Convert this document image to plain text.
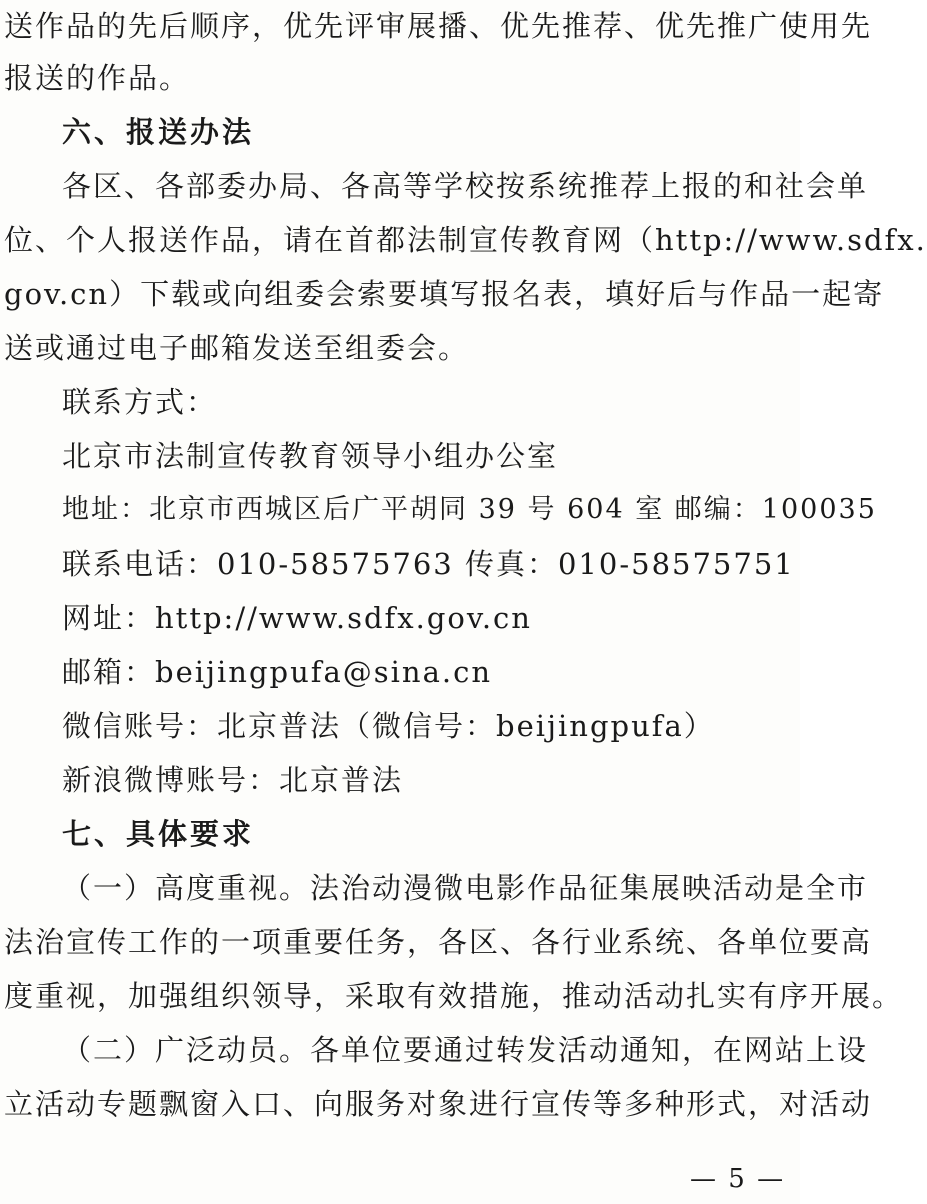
送作品的先后顺序，优先评审展播、优先推荐、优先推广使用先
报送的作品。
六、报送办法
各区、各部委办局、各高等学校按系统推荐上报的和社会单
位、个人报送作品，请在首都法制宣传教育网（http://www.sdfx.
gov.cn）下载或向组委会索要填写报名表，填好后与作品一起寄
送或通过电子邮箱发送至组委会。
联系方式：
北京市法制宣传教育领导小组办公室
地址：北京市西城区后广平胡同 39 号 604 室 邮编：100035
联系电话：010-58575763 传真：010-58575751
网址：http://www.sdfx.gov.cn
邮箱：beijingpufa@sina.cn
微信账号：北京普法（微信号：beijingpufa）
新浪微博账号：北京普法
七、具体要求
（一）高度重视。法治动漫微电影作品征集展映活动是全市
法治宣传工作的一项重要任务，各区、各行业系统、各单位要高
度重视，加强组织领导，采取有效措施，推动活动扎实有序开展。
（二）广泛动员。各单位要通过转发活动通知，在网站上设
立活动专题飘窗入口、向服务对象进行宣传等多种形式，对活动
— 5 —
